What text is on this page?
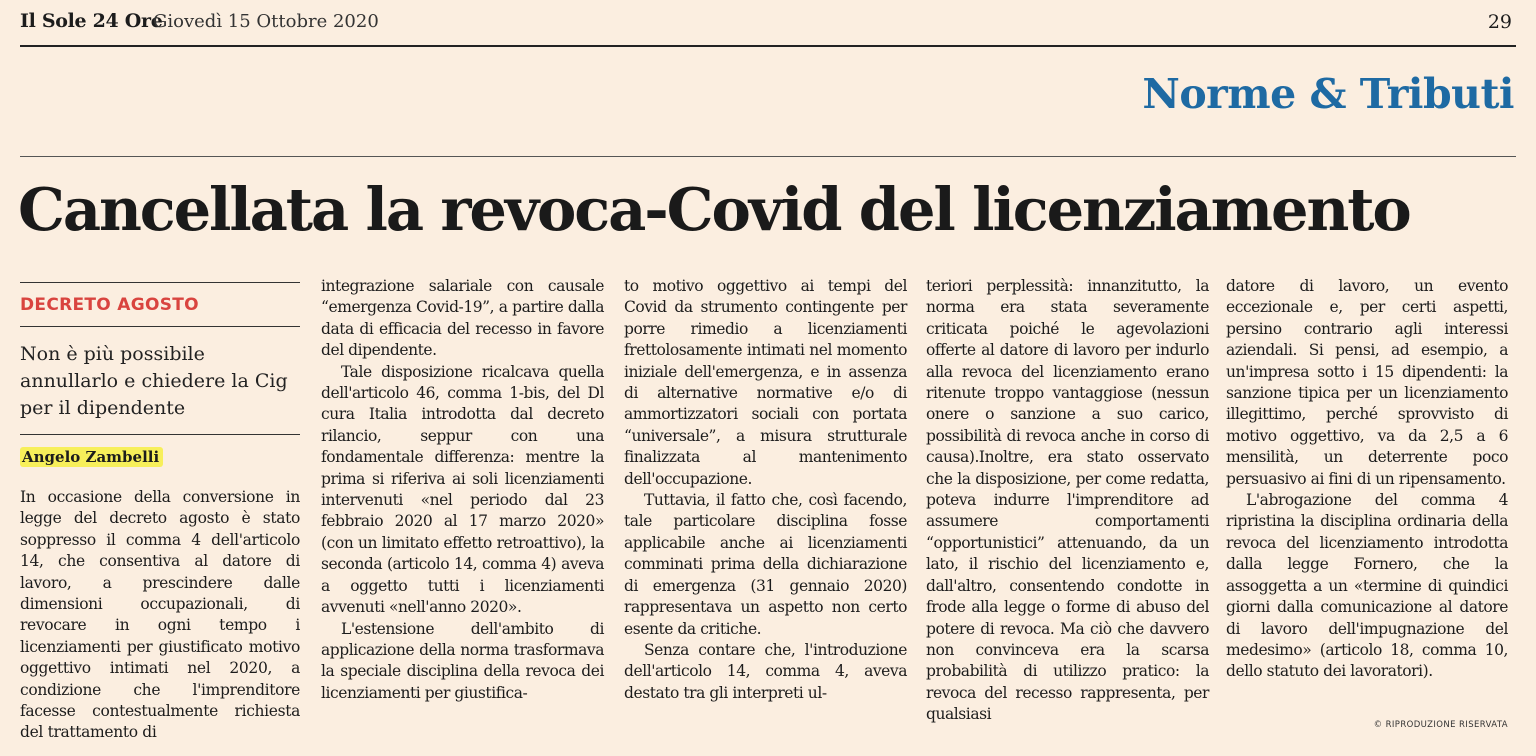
Il Sole 24 Ore
Giovedì 15 Ottobre 2020	29
Norme & Tributi
Cancellata la revoca-Covid del licenziamento
DECRETO AGOSTO
Non è più possibile annullarlo e chiedere la Cig per il dipendente
Angelo Zambelli
In occasione della conversione in legge del decreto agosto è stato soppresso il comma 4 dell'articolo 14, che consentiva al datore di lavoro, a prescindere dalle dimensioni occupazionali, di revocare in ogni tempo i licenziamenti per giustificato motivo oggettivo intimati nel 2020, a condizione che l'imprenditore facesse contestualmente richiesta del trattamento di

integrazione salariale con causale “emergenza Covid-19”, a partire dalla data di efficacia del recesso in favore del dipendente.

Tale disposizione ricalcava quella dell'articolo 46, comma 1-bis, del Dl cura Italia introdotta dal decreto rilancio, seppur con una fondamentale differenza: mentre la prima si riferiva ai soli licenziamenti intervenuti «nel periodo dal 23 febbraio 2020 al 17 marzo 2020» (con un limitato effetto retroattivo), la seconda (articolo 14, comma 4) aveva a oggetto tutti i licenziamenti avvenuti «nell'anno 2020».

L'estensione dell'ambito di applicazione della norma trasformava la speciale disciplina della revoca dei licenziamenti per giustifica-

to motivo oggettivo ai tempi del Covid da strumento contingente per porre rimedio a licenziamenti frettolosamente intimati nel momento iniziale dell'emergenza, e in assenza di alternative normative e/o di ammortizzatori sociali con portata “universale”, a misura strutturale finalizzata al mantenimento dell'occupazione.

Tuttavia, il fatto che, così facendo, tale particolare disciplina fosse applicabile anche ai licenziamenti comminati prima della dichiarazione di emergenza (31 gennaio 2020) rappresentava un aspetto non certo esente da critiche.

Senza contare che, l'introduzione dell'articolo 14, comma 4, aveva destato tra gli interpreti ul-

teriori perplessità: innanzitutto, la norma era stata severamente criticata poiché le agevolazioni offerte al datore di lavoro per indurlo alla revoca del licenziamento erano ritenute troppo vantaggiose (nessun onere o sanzione a suo carico, possibilità di revoca anche in corso di causa).Inoltre, era stato osservato che la disposizione, per come redatta, poteva indurre l'imprenditore ad assumere comportamenti “opportunistici” attenuando, da un lato, il rischio del licenziamento e, dall'altro, consentendo condotte in frode alla legge o forme di abuso del potere di revoca. Ma ciò che davvero non convinceva era la scarsa probabilità di utilizzo pratico: la revoca del recesso rappresenta, per qualsiasi

datore di lavoro, un evento eccezionale e, per certi aspetti, persino contrario agli interessi aziendali. Si pensi, ad esempio, a un'impresa sotto i 15 dipendenti: la sanzione tipica per un licenziamento illegittimo, perché sprovvisto di motivo oggettivo, va da 2,5 a 6 mensilità, un deterrente poco persuasivo ai fini di un ripensamento.

L'abrogazione del comma 4 ripristina la disciplina ordinaria della revoca del licenziamento introdotta dalla legge Fornero, che la assoggetta a un «termine di quindici giorni dalla comunicazione al datore di lavoro dell'impugnazione del medesimo» (articolo 18, comma 10, dello statuto dei lavoratori).

© RIPRODUZIONE RISERVATA
